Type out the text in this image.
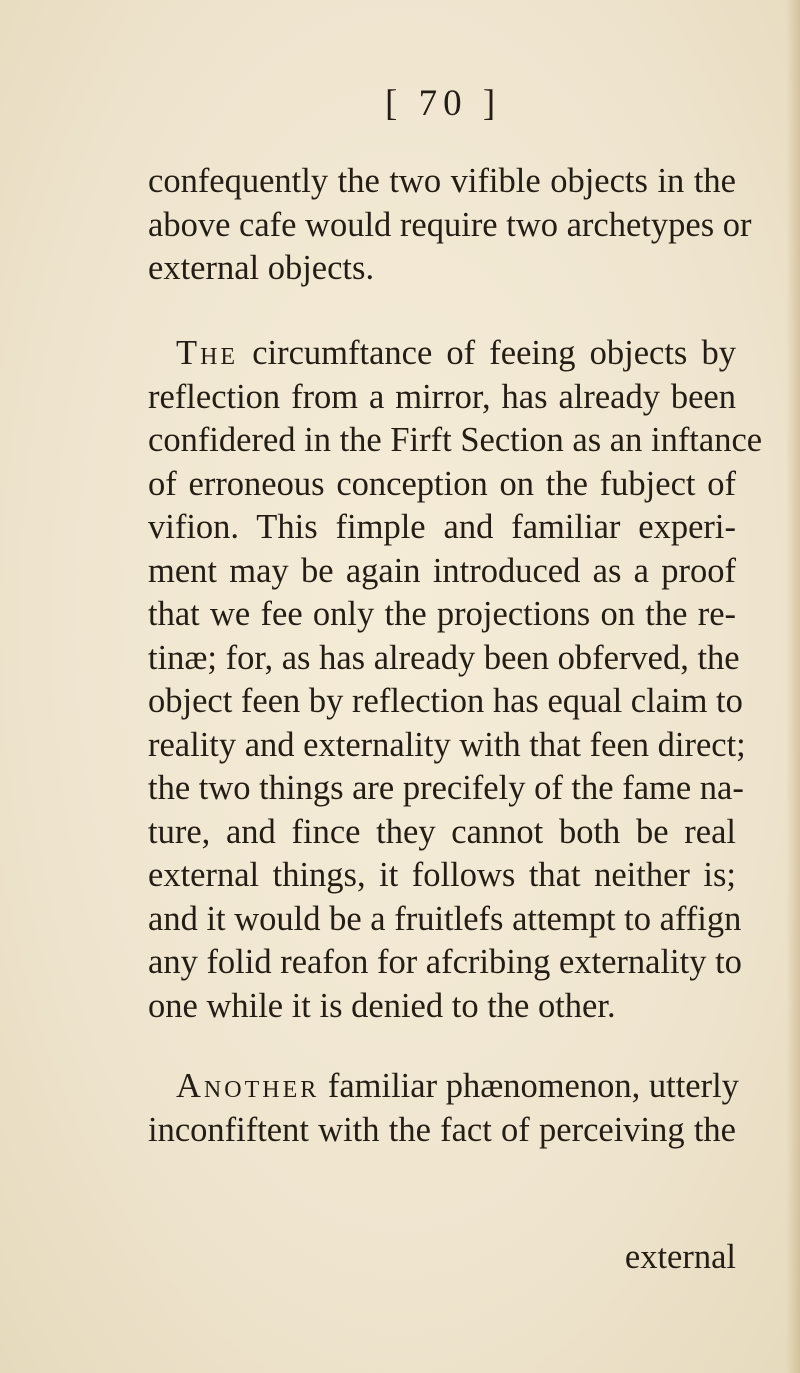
[ 70 ]
confequently the two vifible objects in the
above cafe would require two archetypes or
external objects.
The circumftance of feeing objects by
reflection from a mirror, has already been
confidered in the Firft Section as an inftance
of erroneous conception on the fubject of
vifion. This fimple and familiar experi-
ment may be again introduced as a proof
that we fee only the projections on the re-
tinæ; for, as has already been obferved, the
object feen by reflection has equal claim to
reality and externality with that feen direct;
the two things are precifely of the fame na-
ture, and fince they cannot both be real
external things, it follows that neither is;
and it would be a fruitlefs attempt to affign
any folid reafon for afcribing externality to
one while it is denied to the other.
Another familiar phænomenon, utterly
inconfiftent with the fact of perceiving the
external
